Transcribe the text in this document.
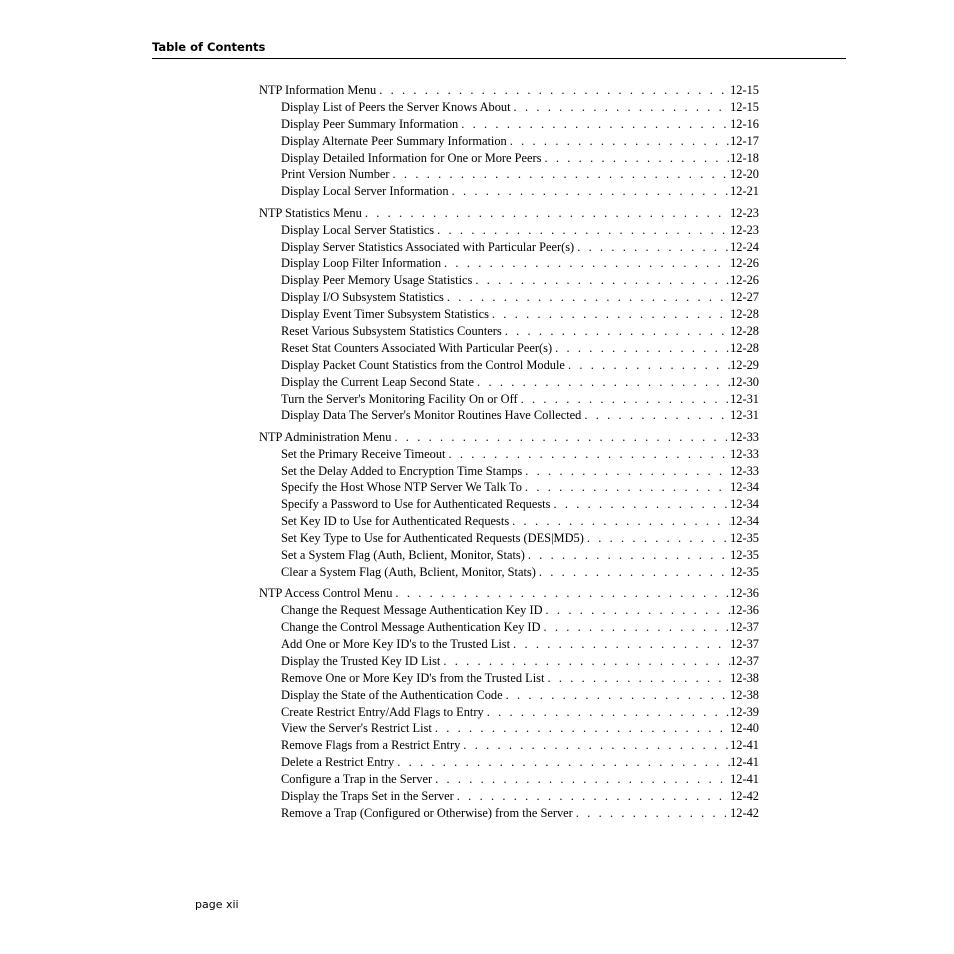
Table of Contents
NTP Information Menu . . .	12-15
Display List of Peers the Server Knows About . . .	12-15
Display Peer Summary Information . . .	12-16
Display Alternate Peer Summary Information . . .	12-17
Display Detailed Information for One or More Peers . . .	12-18
Print Version Number . . .	12-20
Display Local Server Information . . .	12-21
NTP Statistics Menu . . .	12-23
Display Local Server Statistics . . .	12-23
Display Server Statistics Associated with Particular Peer(s) . . .	12-24
Display Loop Filter Information . . .	12-26
Display Peer Memory Usage Statistics . . .	12-26
Display I/O Subsystem Statistics . . .	12-27
Display Event Timer Subsystem Statistics . . .	12-28
Reset Various Subsystem Statistics Counters . . .	12-28
Reset Stat Counters Associated With Particular Peer(s) . . .	12-28
Display Packet Count Statistics from the Control Module . . .	12-29
Display the Current Leap Second State . . .	12-30
Turn the Server's Monitoring Facility On or Off . . .	12-31
Display Data The Server's Monitor Routines Have Collected . . .	12-31
NTP Administration Menu . . .	12-33
Set the Primary Receive Timeout . . .	12-33
Set the Delay Added to Encryption Time Stamps . . .	12-33
Specify the Host Whose NTP Server We Talk To . . .	12-34
Specify a Password to Use for Authenticated Requests . . .	12-34
Set Key ID to Use for Authenticated Requests . . .	12-34
Set Key Type to Use for Authenticated Requests (DES|MD5) . . .	12-35
Set a System Flag (Auth, Bclient, Monitor, Stats) . . .	12-35
Clear a System Flag (Auth, Bclient, Monitor, Stats) . . .	12-35
NTP Access Control Menu . . .	12-36
Change the Request Message Authentication Key ID . . .	12-36
Change the Control Message Authentication Key ID . . .	12-37
Add One or More Key ID's to the Trusted List . . .	12-37
Display the Trusted Key ID List . . .	12-37
Remove One or More Key ID's from the Trusted List . . .	12-38
Display the State of the Authentication Code . . .	12-38
Create Restrict Entry/Add Flags to Entry . . .	12-39
View the Server's Restrict List . . .	12-40
Remove Flags from a Restrict Entry . . .	12-41
Delete a Restrict Entry . . .	12-41
Configure a Trap in the Server . . .	12-41
Display the Traps Set in the Server . . .	12-42
Remove a Trap (Configured or Otherwise) from the Server . . .	12-42
page xii
